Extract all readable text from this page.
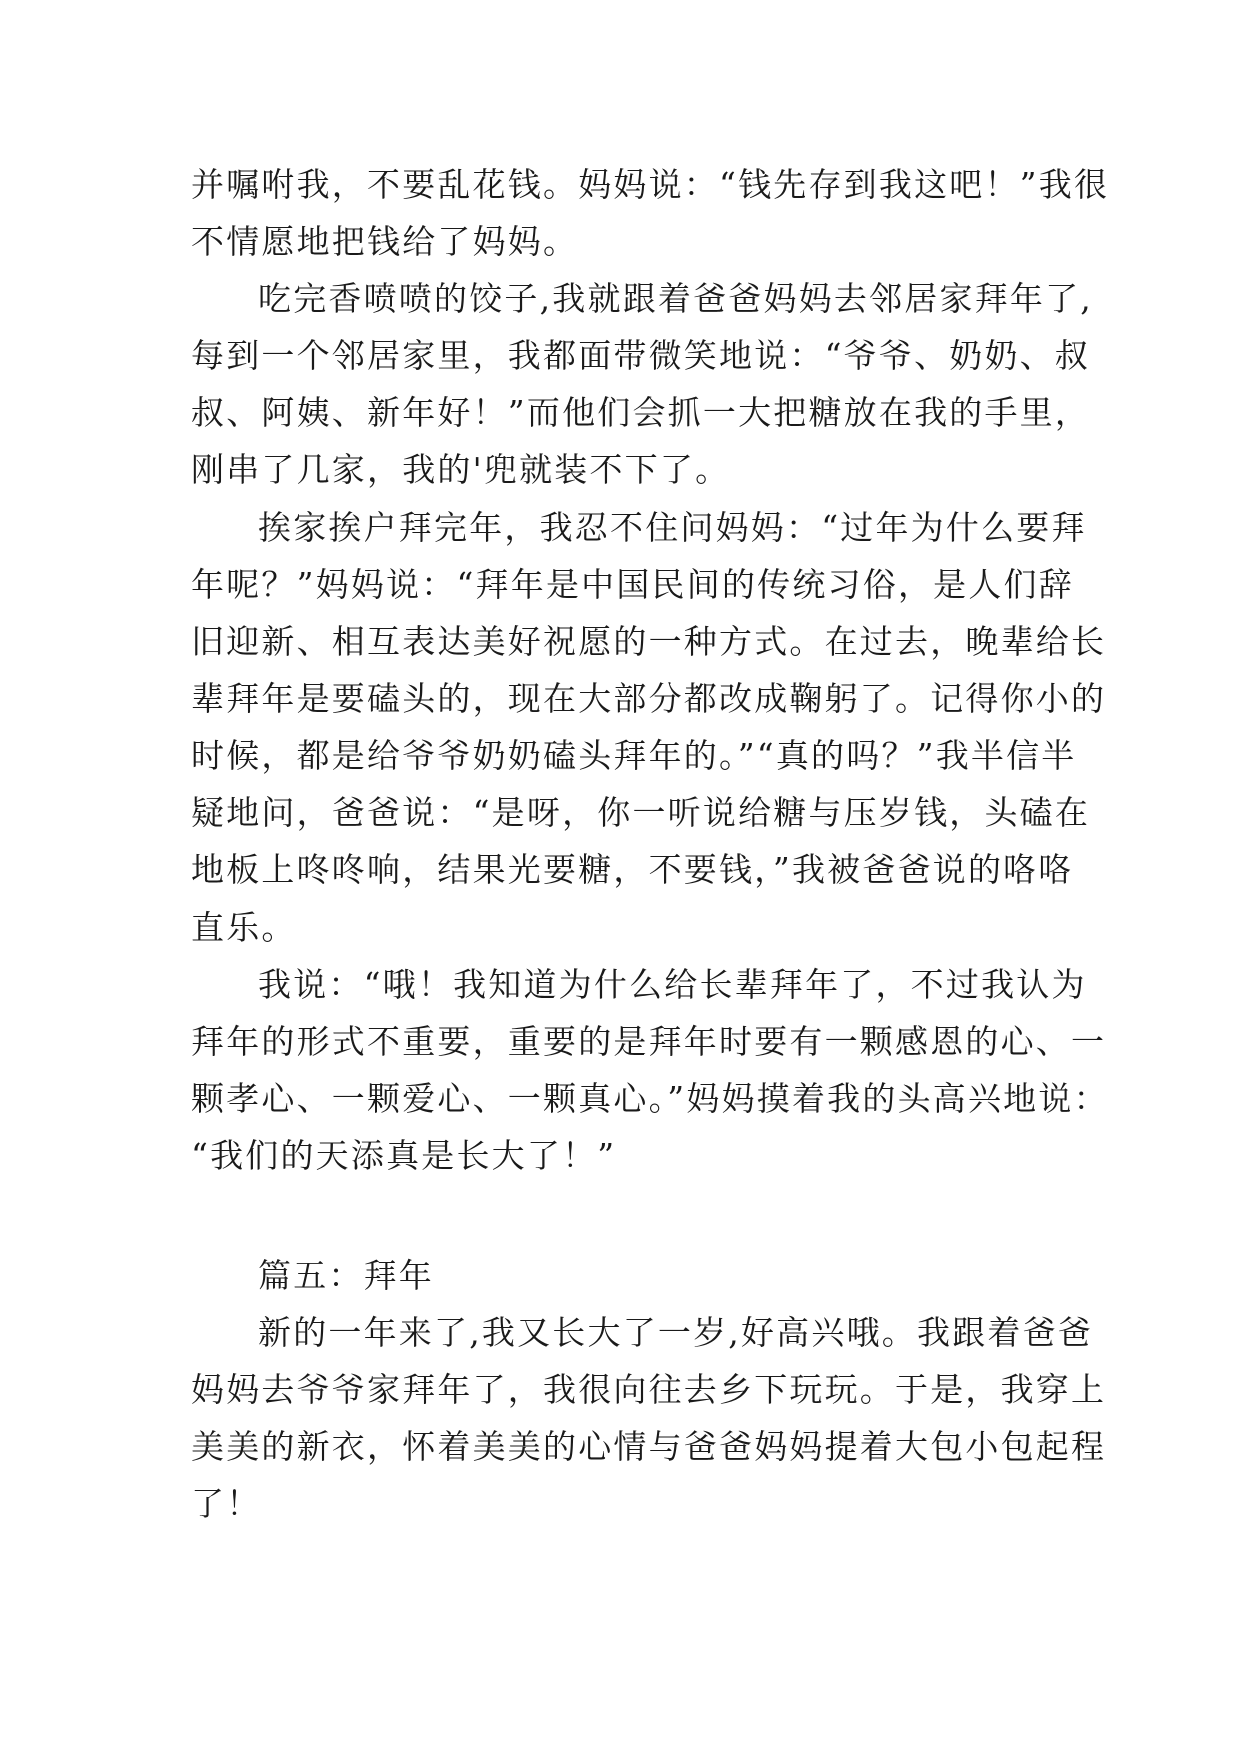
并嘱咐我，不要乱花钱。妈妈说：“钱先存到我这吧！”我很

不情愿地把钱给了妈妈。

吃完香喷喷的饺子,我就跟着爸爸妈妈去邻居家拜年了,

每到一个邻居家里，我都面带微笑地说：“爷爷、奶奶、叔

叔、阿姨、新年好！”而他们会抓一大把糖放在我的手里，

刚串了几家，我的'兜就装不下了。

挨家挨户拜完年，我忍不住问妈妈：“过年为什么要拜

年呢？”妈妈说：“拜年是中国民间的传统习俗，是人们辞

旧迎新、相互表达美好祝愿的一种方式。在过去，晚辈给长

辈拜年是要磕头的，现在大部分都改成鞠躬了。记得你小的

时候，都是给爷爷奶奶磕头拜年的。”“真的吗？”我半信半

疑地问，爸爸说：“是呀，你一听说给糖与压岁钱，头磕在

地板上咚咚响，结果光要糖，不要钱，”我被爸爸说的咯咯

直乐。

我说：“哦！我知道为什么给长辈拜年了，不过我认为

拜年的形式不重要，重要的是拜年时要有一颗感恩的心、一

颗孝心、一颗爱心、一颗真心。”妈妈摸着我的头高兴地说：

“我们的天添真是长大了！”

篇五：拜年

新的一年来了,我又长大了一岁,好高兴哦。我跟着爸爸

妈妈去爷爷家拜年了，我很向往去乡下玩玩。于是，我穿上

美美的新衣，怀着美美的心情与爸爸妈妈提着大包小包起程

了！
